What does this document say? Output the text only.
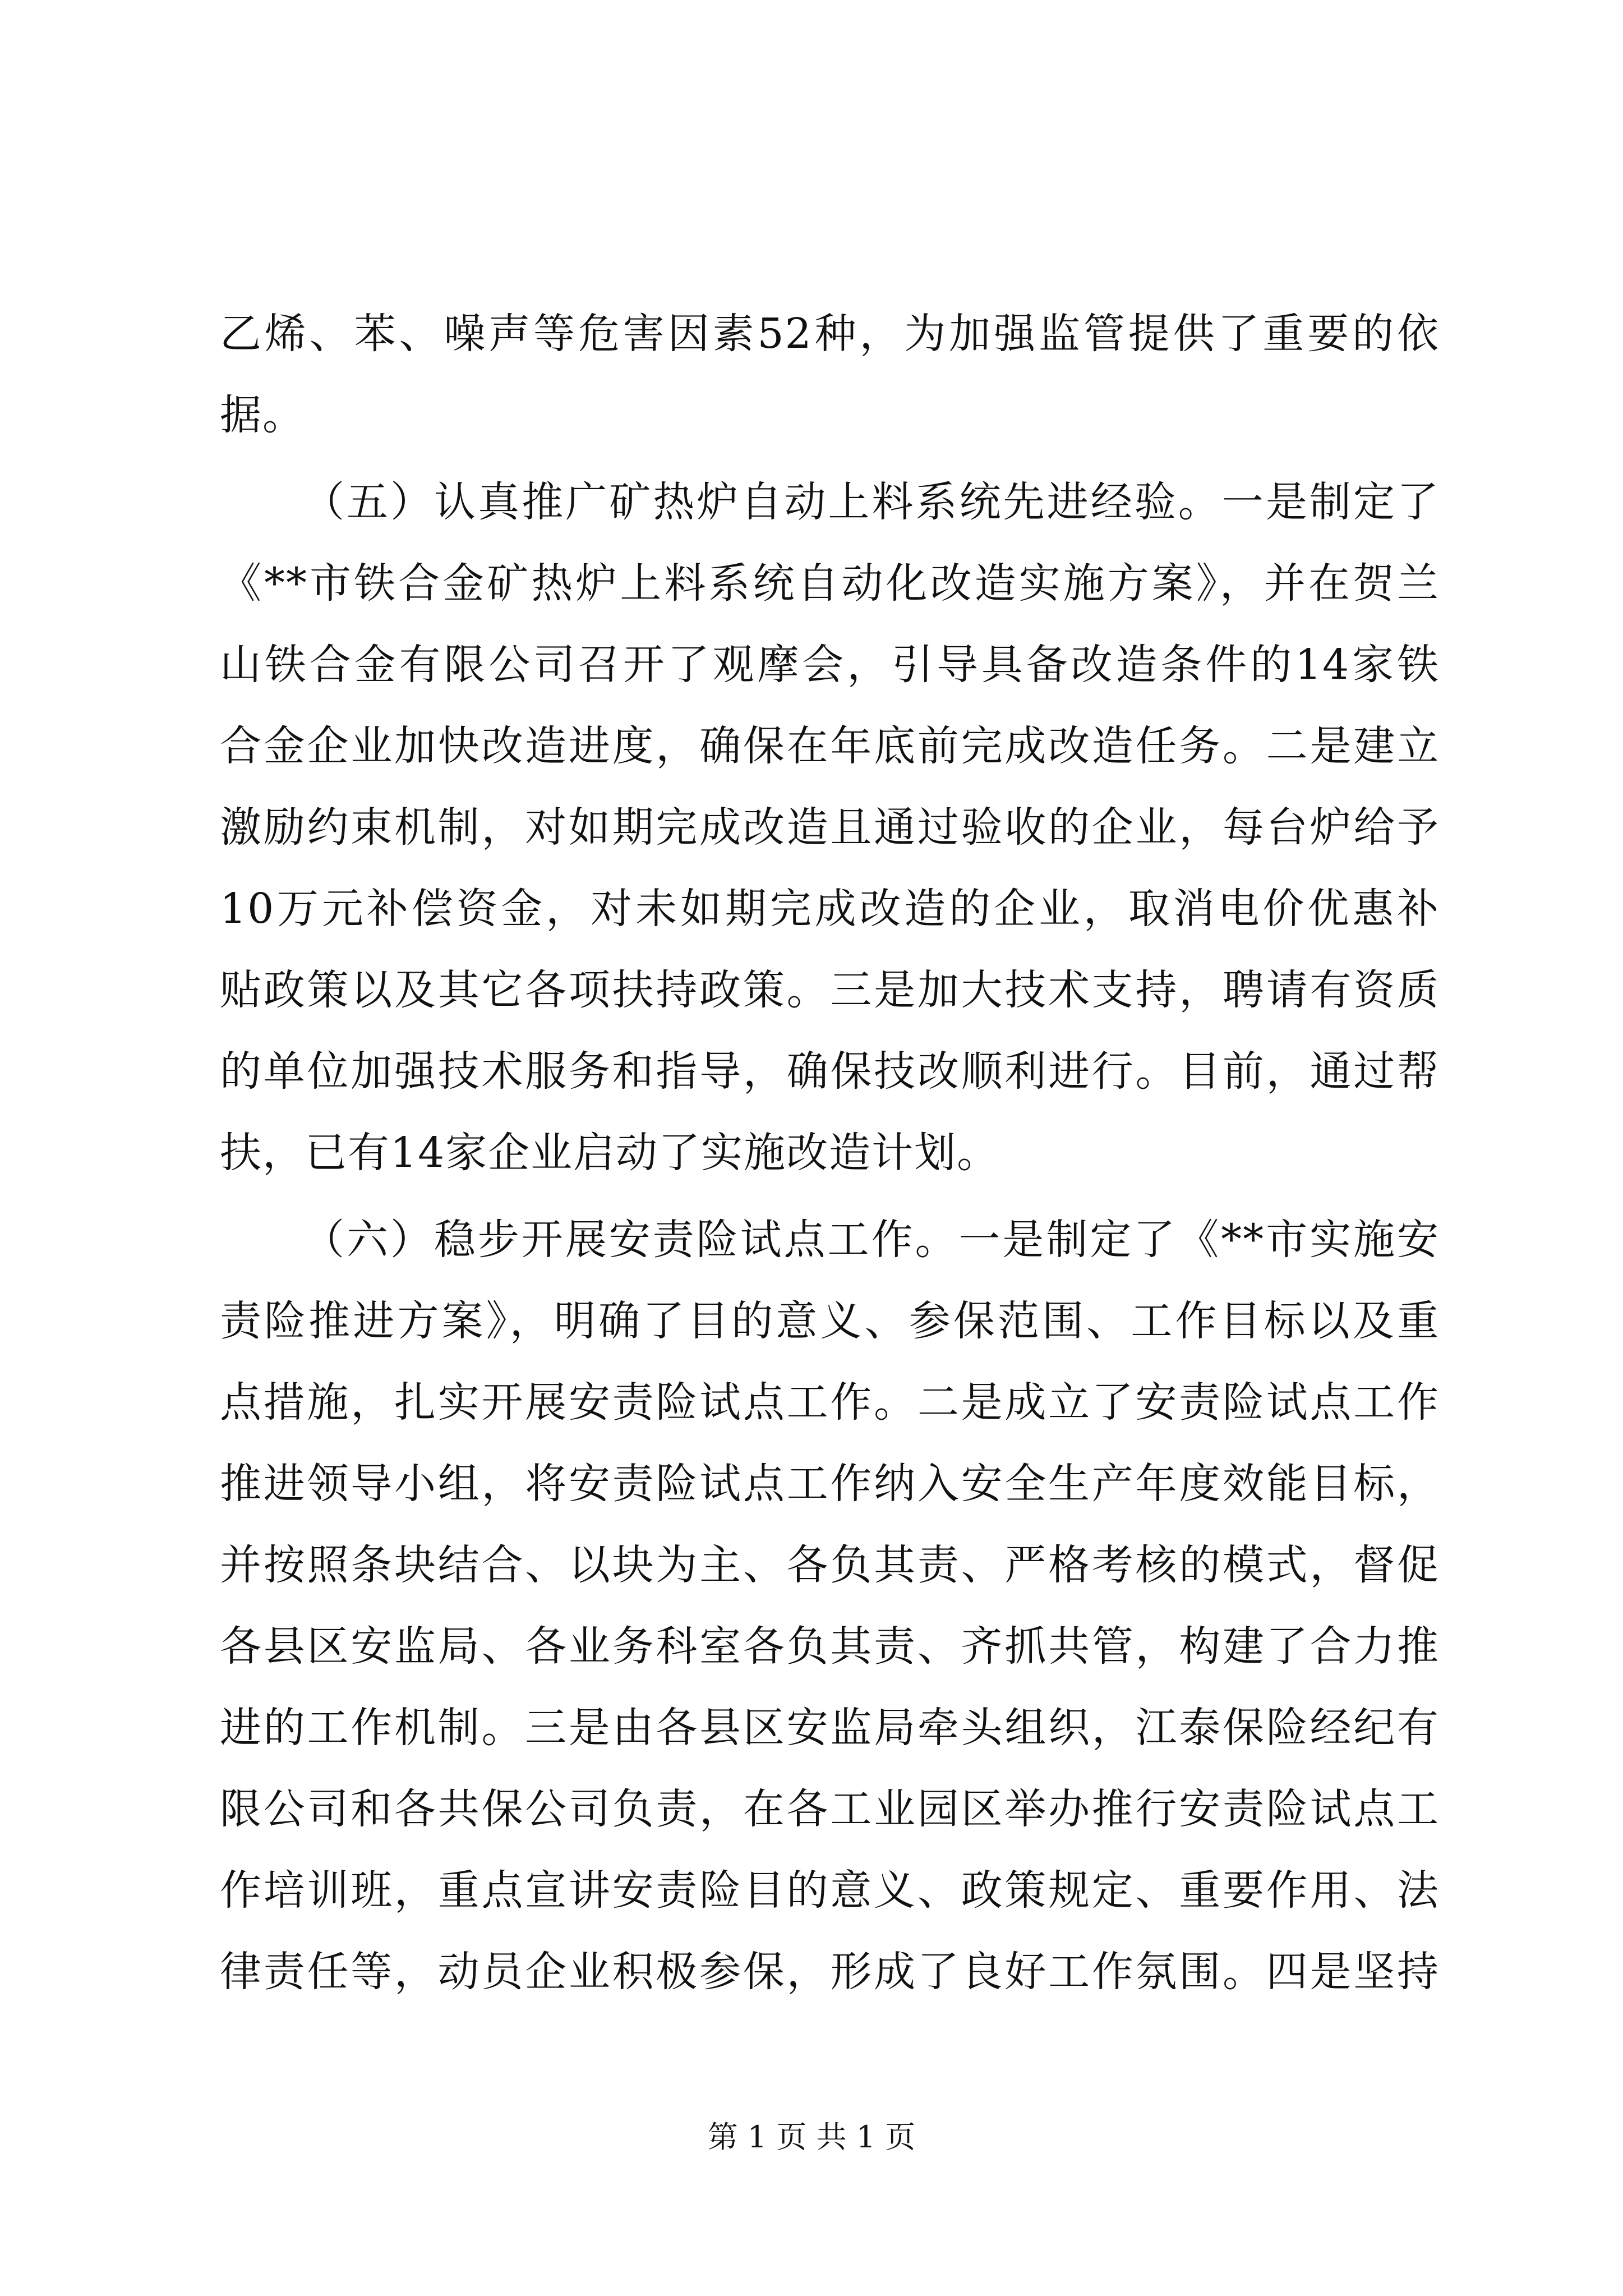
乙烯、苯、噪声等危害因素52种，为加强监管提供了重要的依
据。
（五）认真推广矿热炉自动上料系统先进经验。一是制定了
《**市铁合金矿热炉上料系统自动化改造实施方案》，并在贺兰
山铁合金有限公司召开了观摩会，引导具备改造条件的14家铁
合金企业加快改造进度，确保在年底前完成改造任务。二是建立
激励约束机制，对如期完成改造且通过验收的企业，每台炉给予
10万元补偿资金，对未如期完成改造的企业，取消电价优惠补
贴政策以及其它各项扶持政策。三是加大技术支持，聘请有资质
的单位加强技术服务和指导，确保技改顺利进行。目前，通过帮
扶，已有14家企业启动了实施改造计划。
（六）稳步开展安责险试点工作。一是制定了《**市实施安
责险推进方案》，明确了目的意义、参保范围、工作目标以及重
点措施，扎实开展安责险试点工作。二是成立了安责险试点工作
推进领导小组，将安责险试点工作纳入安全生产年度效能目标，
并按照条块结合、以块为主、各负其责、严格考核的模式，督促
各县区安监局、各业务科室各负其责、齐抓共管，构建了合力推
进的工作机制。三是由各县区安监局牵头组织，江泰保险经纪有
限公司和各共保公司负责，在各工业园区举办推行安责险试点工
作培训班，重点宣讲安责险目的意义、政策规定、重要作用、法
律责任等，动员企业积极参保，形成了良好工作氛围。四是坚持
第 1 页 共 1 页
